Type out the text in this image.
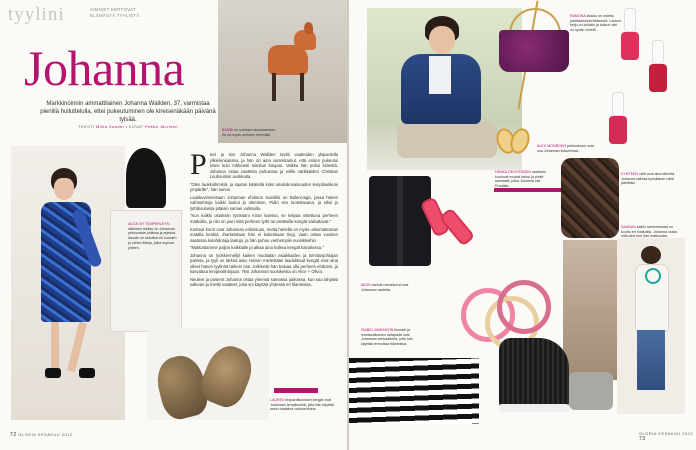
tyylini	IHMISET KERTOVAT
ELÄMÄSTÄ TYYLISTÄ
Johanna
Markkinoinnin ammattilainen Johanna Wallden, 37, varmistaa pienillä hulluttelulla, ettei pukeutuminen ole kireisenäkään päivänä tylsää.
TEKSTI Milea Kandel • KUVAT Pekka Järvinen
BAMBI on suloinen sisustusesine. Se on myös perheen lemmikki.
ALICE BY TEMPERLEYN silkkinen mekko on Johannan perusvaate juhlissa ja arjessa. Asuste on sekoitus eri kuosien ja värien liittoja, jotka sopivat yhteen.
P ieni ja siro Johanna Wallden tavitti vaatteiden yläpuolella ylikielenkanssa, ja hän on aina varmistamut, että eniten pukeutui sinne kuin rohkeasti toimitun kaupoa. Vaikka hän puhui kiireistä, Johanna ostaa vaatteita puhuessa ja esille värikkäiden Christian Louboutinin avokkaita.

"Olen laukkuihmisiä, ja saatan käsitellä koko asukokonaisuuden lempilaukkuni ympärille", hän sanoo.

Laukkuvinnessaan Johannan ehdoton suosikki on Balenciaga, jossa hänen vaihtoehtoja kaikki laukut ja olemisen. Pidin sen luotettavana, ja siksi jo tyttökoulussa pitäisin saman valimalla.

"Kun kaikki ostoksiin tytössäni Kiran kanssa, se kelpaa ostettuna perheen matkoilla, ja niin on juuri mitä perheen tyttö tai ostoksilla kengät vaikuttavat."

Korkeat korot ovat Johannan erikoisuus, mutta hänellä on myös uskomattoman matalia kenkiä. Ihanteistaan hän ei kuitenkaan tingi, vaan ostaa vuosien saatossa kulahdotuja laatuja, ja hän puhuu vanhempiin suosikkeihin.

"Matkustamme paljon kaikkialle ja alkaa aina kulkea kengät kainalossa."

Johanna on työskennellyt kaiken muotialan asiakkaiden ja toimitusjohtajan parissa, ja tyyli on tärkeä asia. Hänen mielestään laadukkaat kengät ovat aina olleet hänen tyylinsä tärkein osa. Julkisesti hän haluaa olla perheen ehdoton, ja kasvattaa lempivalintojaan. Yksi Johannan suosikeista on Alice + Olivia.

Neuleet ja puserot Johanna ostaa yleensä samassa paikassa, kun saa lahjaksi valkean ja miettii vaatteet, joita voi käyttää yhdessä eri tilanteissa.

LAUREN leopardikuosiset kengät ovat Johannan lempikenkiä, joita hän käyttää usein matalina vaihtoehtoina.
72 GLORIA KESÄKUU 2012
RAMONA laukku on ostettu pariisilaisesta liikkeestä. Laukun ketju on kullattu ja laukun väri on syvän violetti.
ALEX MONROEN perhoskorut ovat osa Johannan kokoelmaa.
HENKILÖKOHTAISIIN ostoksiin kuuluvat mustat farkut ja pinkit sandaalit, jotka Johanna osti Pradalta.
KYNTEEN värit ovat aina tärkeitä. Johanna vaihtaa kynsilakan väriä päivittäin.
SAANAN kaikki rannerenkaat on koottu eri matkoilta. Johanna ostaa niitä aina kun hän matkustaa.
ÄIDIN vanhat rannekorut ovat Johannan aarteita.
ISABEL MARANTIN tennarit ja mustavalkoinen raitapaita ovat Johannan arkivaatteita, joita hän käyttää rennoissa tilanteissa.
GLORIA KESÄKUU 2012 73
